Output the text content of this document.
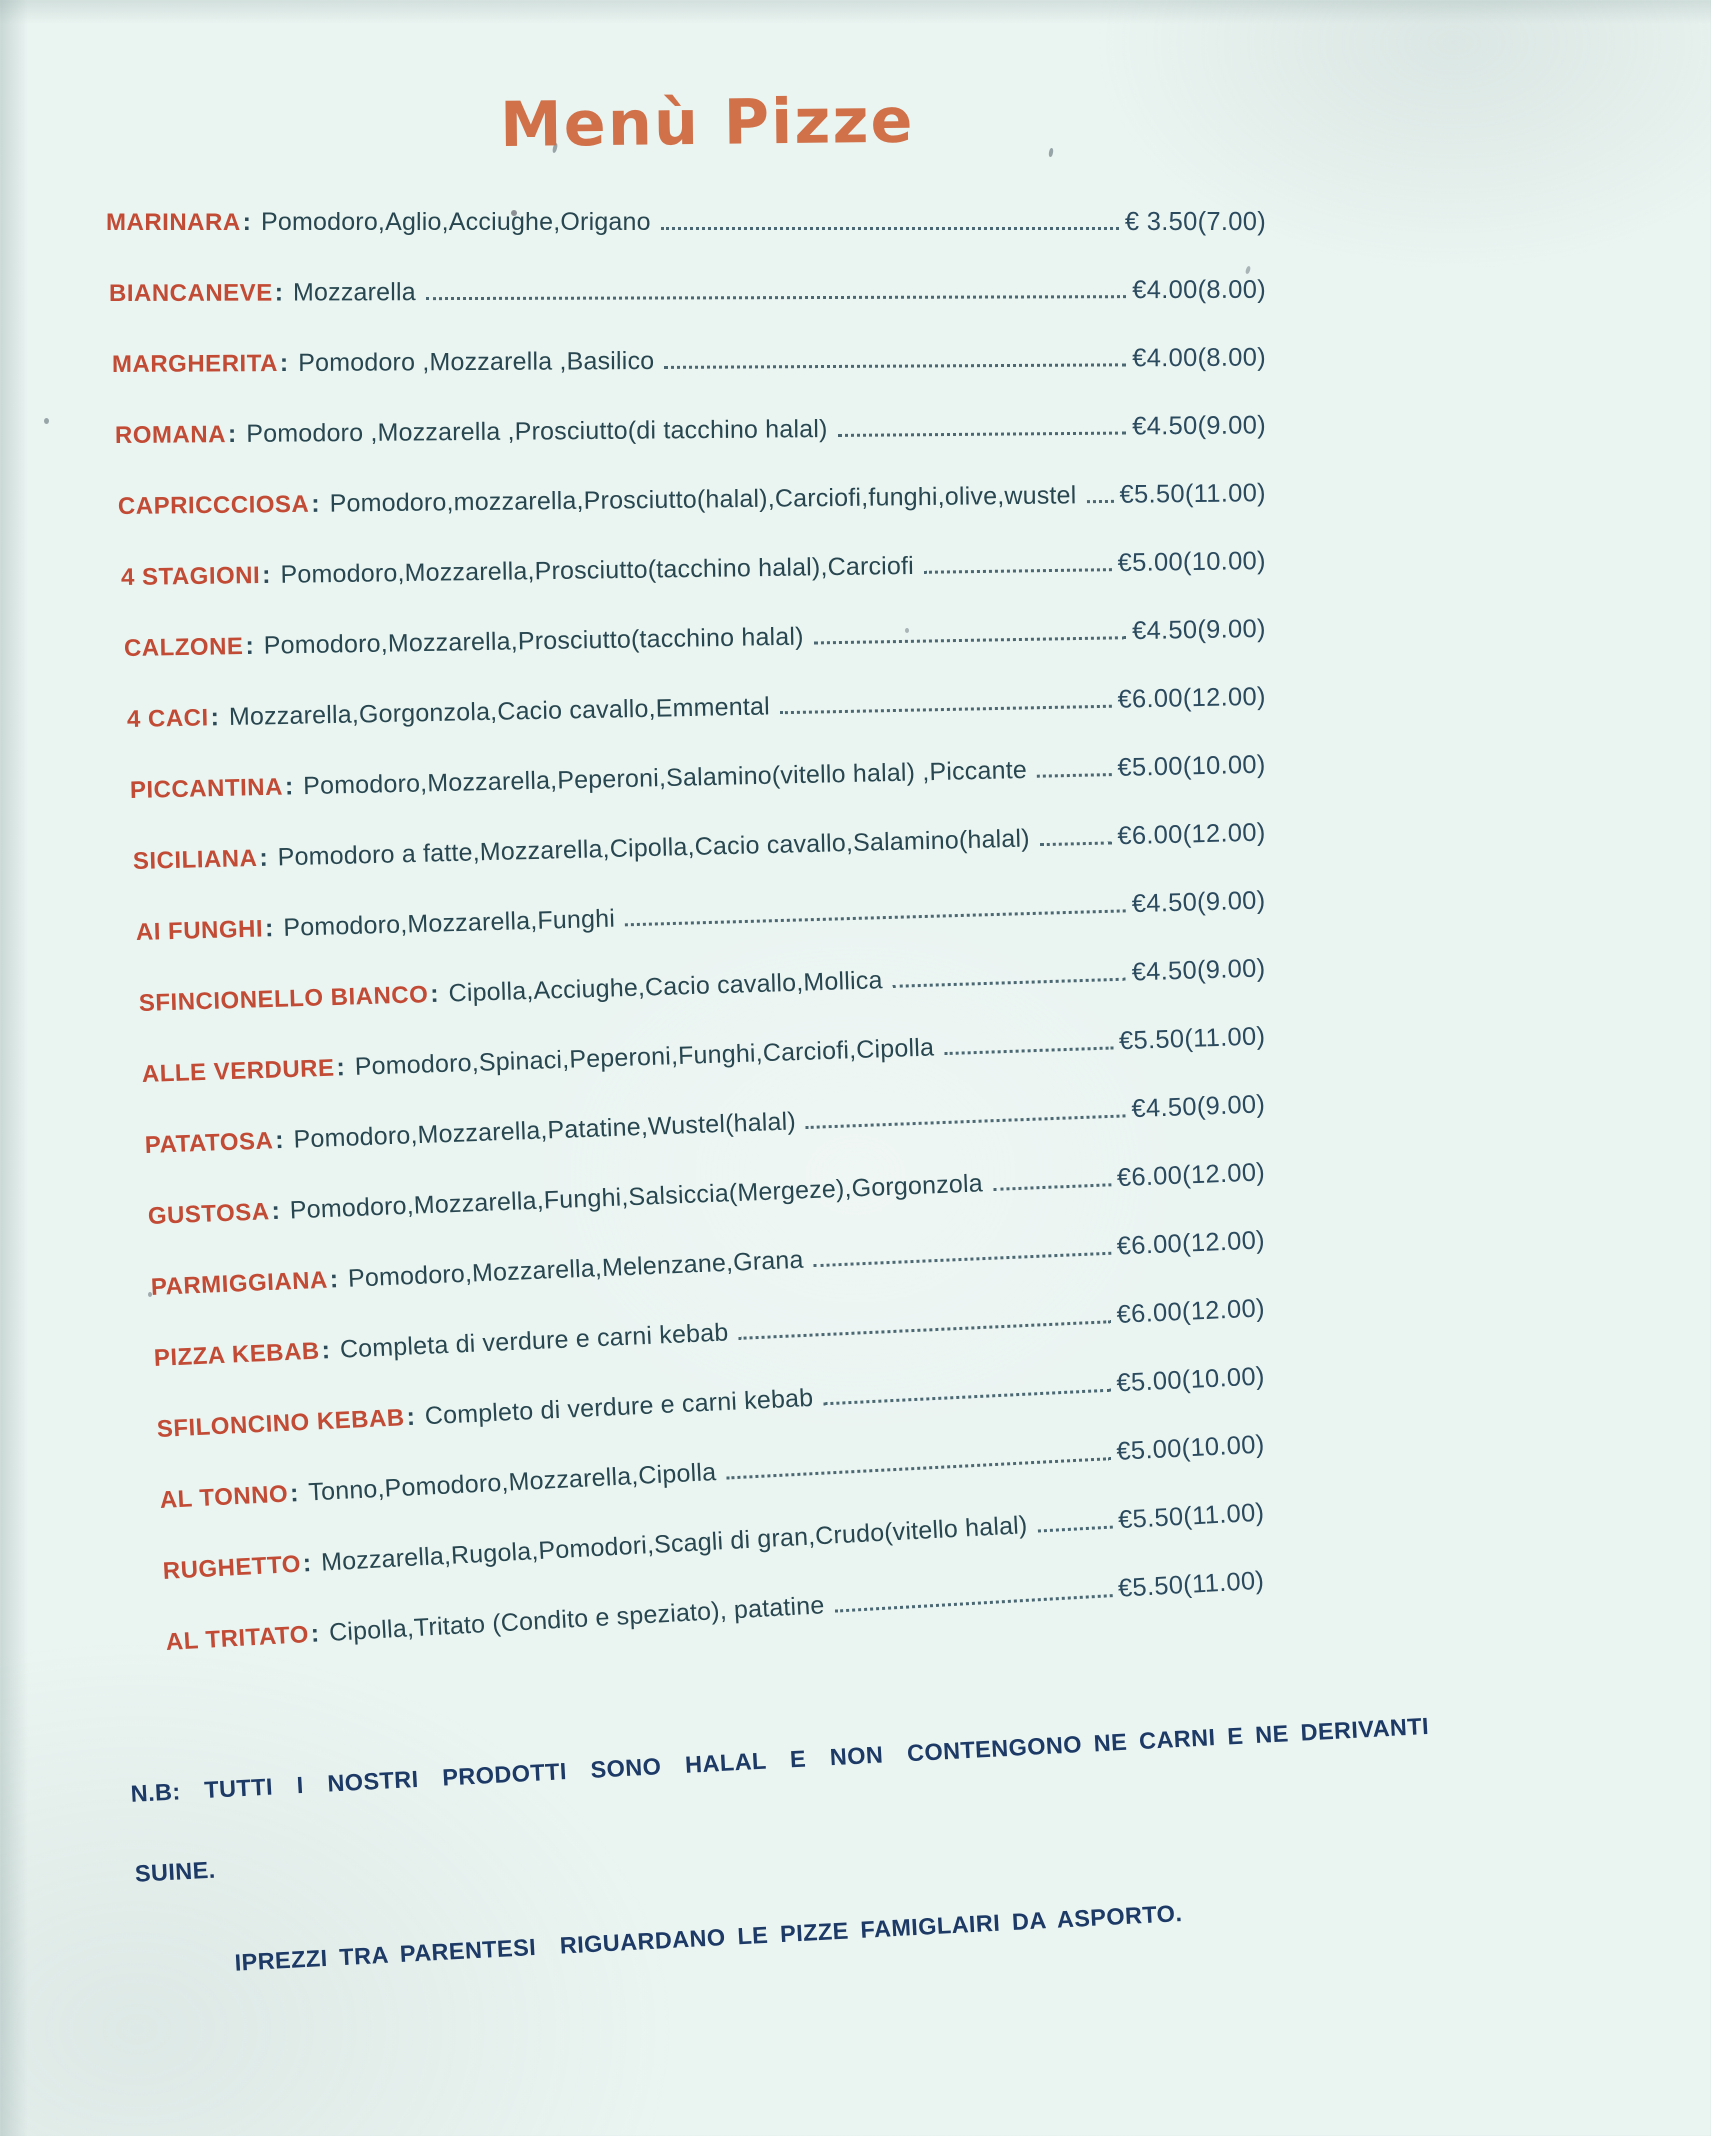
Menù Pizze
MARINARA : Pomodoro,Aglio,Acciughe,Origano	€ 3.50(7.00)
BIANCANEVE : Mozzarella	€4.00(8.00)
MARGHERITA : Pomodoro ,Mozzarella ,Basilico	€4.00(8.00)
ROMANA : Pomodoro ,Mozzarella ,Prosciutto(di tacchino halal)	€4.50(9.00)
CAPRICCCIOSA : Pomodoro,mozzarella,Prosciutto(halal),Carciofi,funghi,olive,wustel €5.50(11.00)
4 STAGIONI : Pomodoro,Mozzarella,Prosciutto(tacchino halal),Carciofi	€5.00(10.00)
CALZONE : Pomodoro,Mozzarella,Prosciutto(tacchino halal)	€4.50(9.00)
4 CACI : Mozzarella,Gorgonzola,Cacio cavallo,Emmental	€6.00(12.00)
PICCANTINA : Pomodoro,Mozzarella,Peperoni,Salamino(vitello halal) ,Piccante	€5.00(10.00)
SICILIANA : Pomodoro a fatte,Mozzarella,Cipolla,Cacio cavallo,Salamino(halal)	€6.00(12.00)
AI FUNGHI : Pomodoro,Mozzarella,Funghi
€4.50(9.00)
SFINCIONELLO BIANCO : Cipolla,Acciughe,Cacio cavallo,Mollica	€4.50(9.00)
ALLE VERDURE : Pomodoro,Spinaci,Peperoni,Funghi,Carciofi,Cipolla	€5.50(11.00)
PATATOSA : Pomodoro,Mozzarella,Patatine,Wustel(halal)
€4.50(9.00)
GUSTOSA : Pomodoro,Mozzarella,Funghi,Salsiccia(Mergeze),Gorgonzola	€6.00(12.00)
PARMIGGIANA : Pomodoro,Mozzarella,Melenzane,Grana
€6.00(12.00)
PIZZA KEBAB : Completa di verdure e carni kebab
€6.00(12.00)
SFILONCINO KEBAB : Completo di verdure e carni kebab
€5.00(10.00)
AL TONNO : Tonno,Pomodoro,Mozzarella,Cipolla
€5.00(10.00)
RUGHETTO : Mozzarella,Rugola,Pomodori,Scagli di gran,Crudo(vitello halal)	€5.50(11.00)
AL TRITATO : Cipolla,Tritato (Condito e speziato), patatine
€5.50(11.00)

N.B:  TUTTI  I  NOSTRI  PRODOTTI  SONO  HALAL  E  NON  CONTENGONO NE CARNI E NE DERIVANTI

SUINE.

IPREZZI TRA PARENTESI  RIGUARDANO LE PIZZE FAMIGLAIRI DA ASPORTO.
